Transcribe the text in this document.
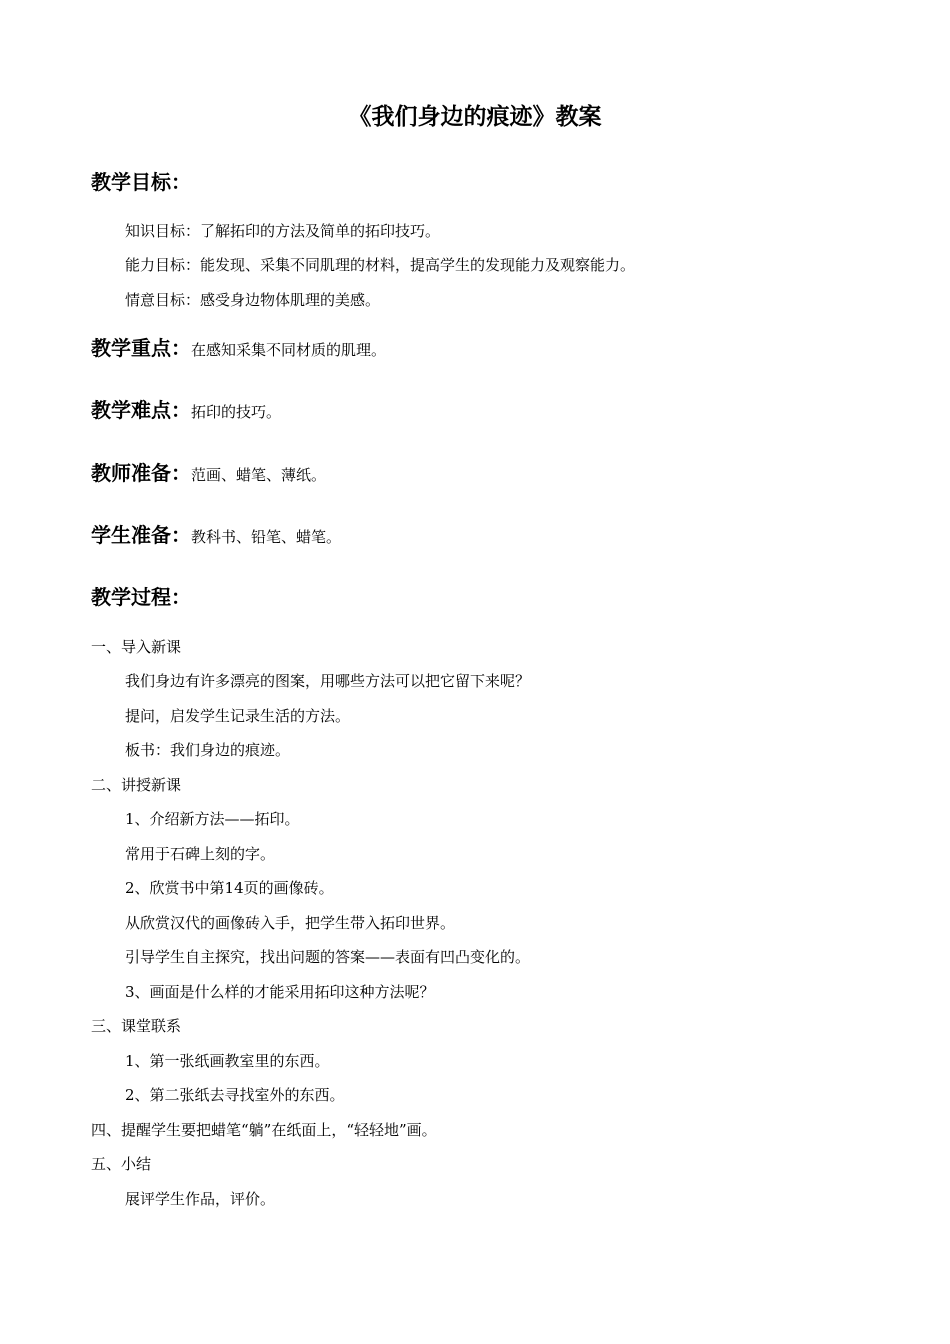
《我们身边的痕迹》教案
教学目标：
知识目标：了解拓印的方法及简单的拓印技巧。
能力目标：能发现、采集不同肌理的材料，提高学生的发现能力及观察能力。
情意目标：感受身边物体肌理的美感。
教学重点：在感知采集不同材质的肌理。
教学难点：拓印的技巧。
教师准备：范画、蜡笔、薄纸。
学生准备：教科书、铅笔、蜡笔。
教学过程：
一、导入新课
我们身边有许多漂亮的图案，用哪些方法可以把它留下来呢？
提问，启发学生记录生活的方法。
板书：我们身边的痕迹。
二、讲授新课
1、介绍新方法——拓印。
常用于石碑上刻的字。
2、欣赏书中第14页的画像砖。
从欣赏汉代的画像砖入手，把学生带入拓印世界。
引导学生自主探究，找出问题的答案——表面有凹凸变化的。
3、画面是什么样的才能采用拓印这种方法呢？
三、课堂联系
1、第一张纸画教室里的东西。
2、第二张纸去寻找室外的东西。
四、提醒学生要把蜡笔“躺”在纸面上，“轻轻地”画。
五、小结
展评学生作品，评价。
